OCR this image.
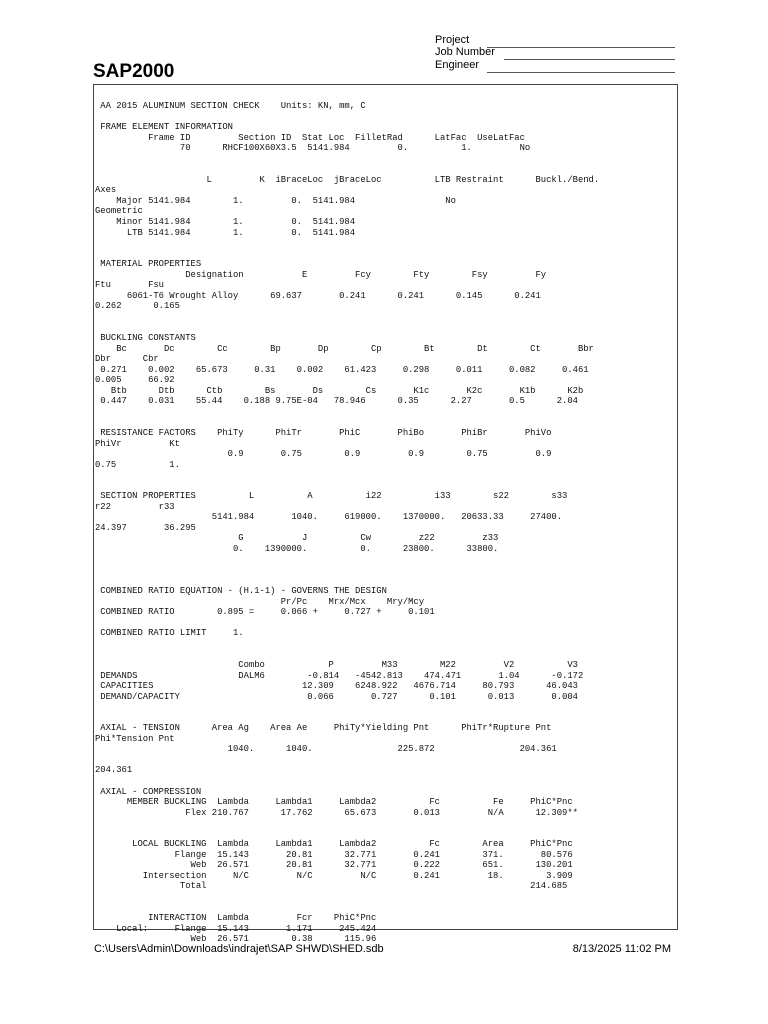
SAP2000
Project
Job Number
Engineer
AA 2015 ALUMINUM SECTION CHECK    Units: KN, mm, C

FRAME ELEMENT INFORMATION
Frame ID         Section ID  Stat Loc  FilletRad      LatFac  UseLatFac
70      RHCF100X60X3.5  5141.984         0.          1.         No

L         K  iBraceLoc  jBraceLoc          LTB Restraint      Buckl./Bend.
Axes
Major 5141.984        1.         0.  5141.984                 No
Geometric
Minor 5141.984        1.         0.  5141.984
LTB 5141.984        1.         0.  5141.984

MATERIAL PROPERTIES
Designation           E         Fcy        Fty        Fsy         Fy
Ftu       Fsu
6061-T6 Wrought Alloy      69.637       0.241      0.241      0.145      0.241
0.262      0.165

BUCKLING CONSTANTS
Bc       Dc        Cc        Bp       Dp        Cp        Bt        Dt        Ct       Bbr
Dbr      Cbr
0.271    0.002    65.673     0.31    0.002    61.423     0.298     0.011     0.082     0.461
0.005     66.92
Btb      Dtb      Ctb        Bs       Ds        Cs       K1c       K2c       K1b      K2b
0.447    0.031    55.44    0.188 9.75E-04   78.946      0.35      2.27       0.5      2.04

RESISTANCE FACTORS    PhiTy      PhiTr       PhiC       PhiBo       PhiBr       PhiVo
PhiVr         Kt
0.9       0.75        0.9         0.9        0.75         0.9
0.75          1.

SECTION PROPERTIES          L          A          i22          i33        s22        s33
r22         r33
5141.984       1040.     619000.    1370000.   20633.33     27400.
24.397       36.295
G           J          Cw         z22         z33
0.    1390000.          0.      23800.      33800.

COMBINED RATIO EQUATION - (H.1-1) - GOVERNS THE DESIGN
Pr/Pc    Mrx/Mcx    Mry/Mcy
COMBINED RATIO        0.895 =     0.066 +     0.727 +     0.101

COMBINED RATIO LIMIT     1.

Combo            P         M33        M22         V2          V3
DEMANDS                   DALM6        -0.814   -4542.813    474.471       1.04      -0.172
CAPACITIES                            12.309    6248.922   4676.714     80.793      46.043
DEMAND/CAPACITY                        0.066       0.727      0.101      0.013       0.004

AXIAL - TENSION      Area Ag    Area Ae     PhiTy*Yielding Pnt      PhiTr*Rupture Pnt
Phi*Tension Pnt
1040.      1040.                225.872                204.361

204.361

AXIAL - COMPRESSION
MEMBER BUCKLING  Lambda     Lambda1     Lambda2          Fc          Fe     PhiC*Pnc
Flex 210.767      17.762      65.673       0.013         N/A      12.309**

LOCAL BUCKLING  Lambda     Lambda1     Lambda2          Fc        Area     PhiC*Pnc
Flange  15.143       20.81      32.771       0.241        371.       80.576
Web  26.571       20.81      32.771       0.222        651.      130.201
Intersection     N/C         N/C         N/C       0.241         18.        3.909
Total                                                             214.685

INTERACTION  Lambda         Fcr    PhiC*Pnc
Local:     Flange  15.143       1.171     245.424
Web  26.571        0.38      115.96

C:\Users\Admin\Downloads\indrajet\SAP SHWD\SHED.sdb	8/13/2025 11:02 PM
